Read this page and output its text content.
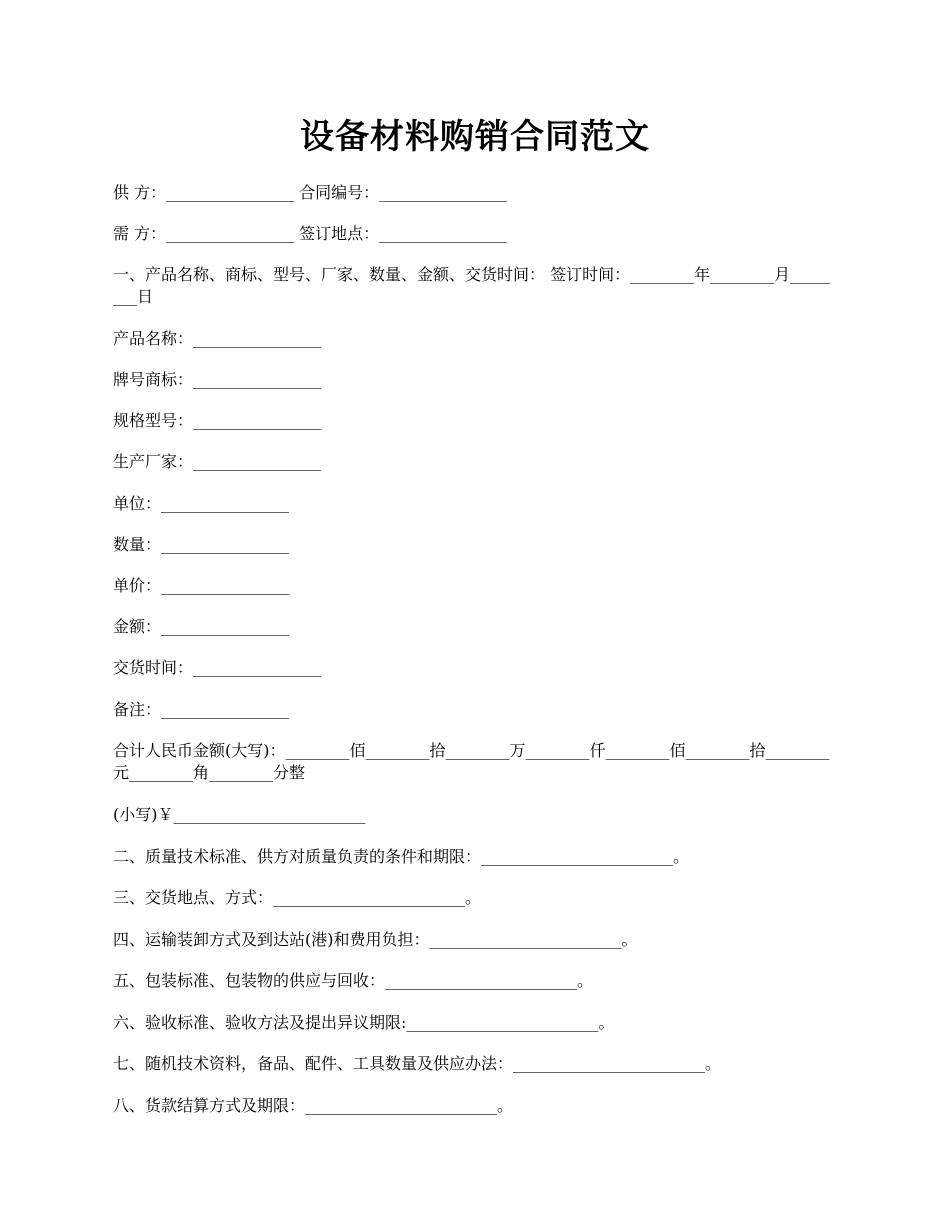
设备材料购销合同范文
供 方：________________ 合同编号：________________
需 方：________________ 签订地点：________________
一、产品名称、商标、型号、厂家、数量、金额、交货时间： 签订时间：________年________月________日
产品名称：________________
牌号商标：________________
规格型号：________________
生产厂家：________________
单位：________________
数量：________________
单价：________________
金额：________________
交货时间：________________
备注：________________
合计人民币金额(大写)：________佰________拾________万________仟________佰________拾________元________角________分整
(小写)￥________________________
二、质量技术标准、供方对质量负责的条件和期限：________________________。
三、交货地点、方式：________________________。
四、运输装卸方式及到达站(港)和费用负担：________________________。
五、包装标准、包装物的供应与回收：________________________。
六、验收标准、验收方法及提出异议期限:________________________。
七、随机技术资料，备品、配件、工具数量及供应办法：________________________。
八、货款结算方式及期限：________________________。
